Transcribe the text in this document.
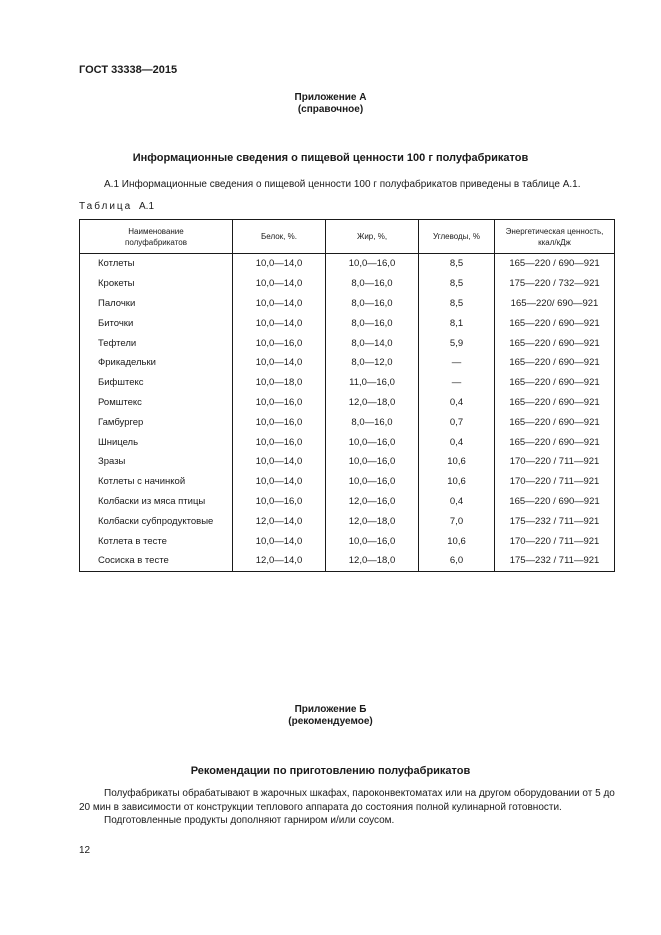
ГОСТ 33338—2015
Приложение А
(справочное)
Информационные сведения о пищевой ценности 100 г полуфабрикатов
А.1 Информационные сведения о пищевой ценности 100 г полуфабрикатов приведены в таблице А.1.
Таблица А.1
Наименование
полуфабрикатов	Белок, %.	Жир, %,	Углеводы, %	Энергетическая ценность,
ккал/кДж
Котлеты	10,0—14,0	10,0—16,0	8,5	165—220 / 690—921
Крокеты	10,0—14,0	8,0—16,0	8,5	175—220 / 732—921
Палочки	10,0—14,0	8,0—16,0	8,5	165—220/ 690—921
Биточки	10,0—14,0	8,0—16,0	8,1	165—220 / 690—921
Тефтели	10,0—16,0	8,0—14,0	5,9	165—220 / 690—921
Фрикадельки	10,0—14,0	8,0—12,0	—	165—220 / 690—921
Бифштекс	10,0—18,0	11,0—16,0	—	165—220 / 690—921
Ромштекс	10,0—16,0	12,0—18,0	0,4	165—220 / 690—921
Гамбургер	10,0—16,0	8,0—16,0	0,7	165—220 / 690—921
Шницель	10,0—16,0	10,0—16,0	0,4	165—220 / 690—921
Зразы	10,0—14,0	10,0—16,0	10,6	170—220 / 711—921
Котлеты с начинкой	10,0—14,0	10,0—16,0	10,6	170—220 / 711—921
Колбаски из мяса птицы	10,0—16,0	12,0—16,0	0,4	165—220 / 690—921
Колбаски субпродуктовые	12,0—14,0	12,0—18,0	7,0	175—232 / 711—921
Котлета в тесте	10,0—14,0	10,0—16,0	10,6	170—220 / 711—921
Сосиска в тесте	12,0—14,0	12,0—18,0	6,0	175—232 / 711—921
Приложение Б
(рекомендуемое)
Рекомендации по приготовлению полуфабрикатов

Полуфабрикаты обрабатывают в жарочных шкафах, пароконвектоматах или на другом оборудовании от 5 до 20 мин в зависимости от конструкции теплового аппарата до состояния полной кулинарной готовности.

Подготовленные продукты дополняют гарниром и/или соусом.

12
